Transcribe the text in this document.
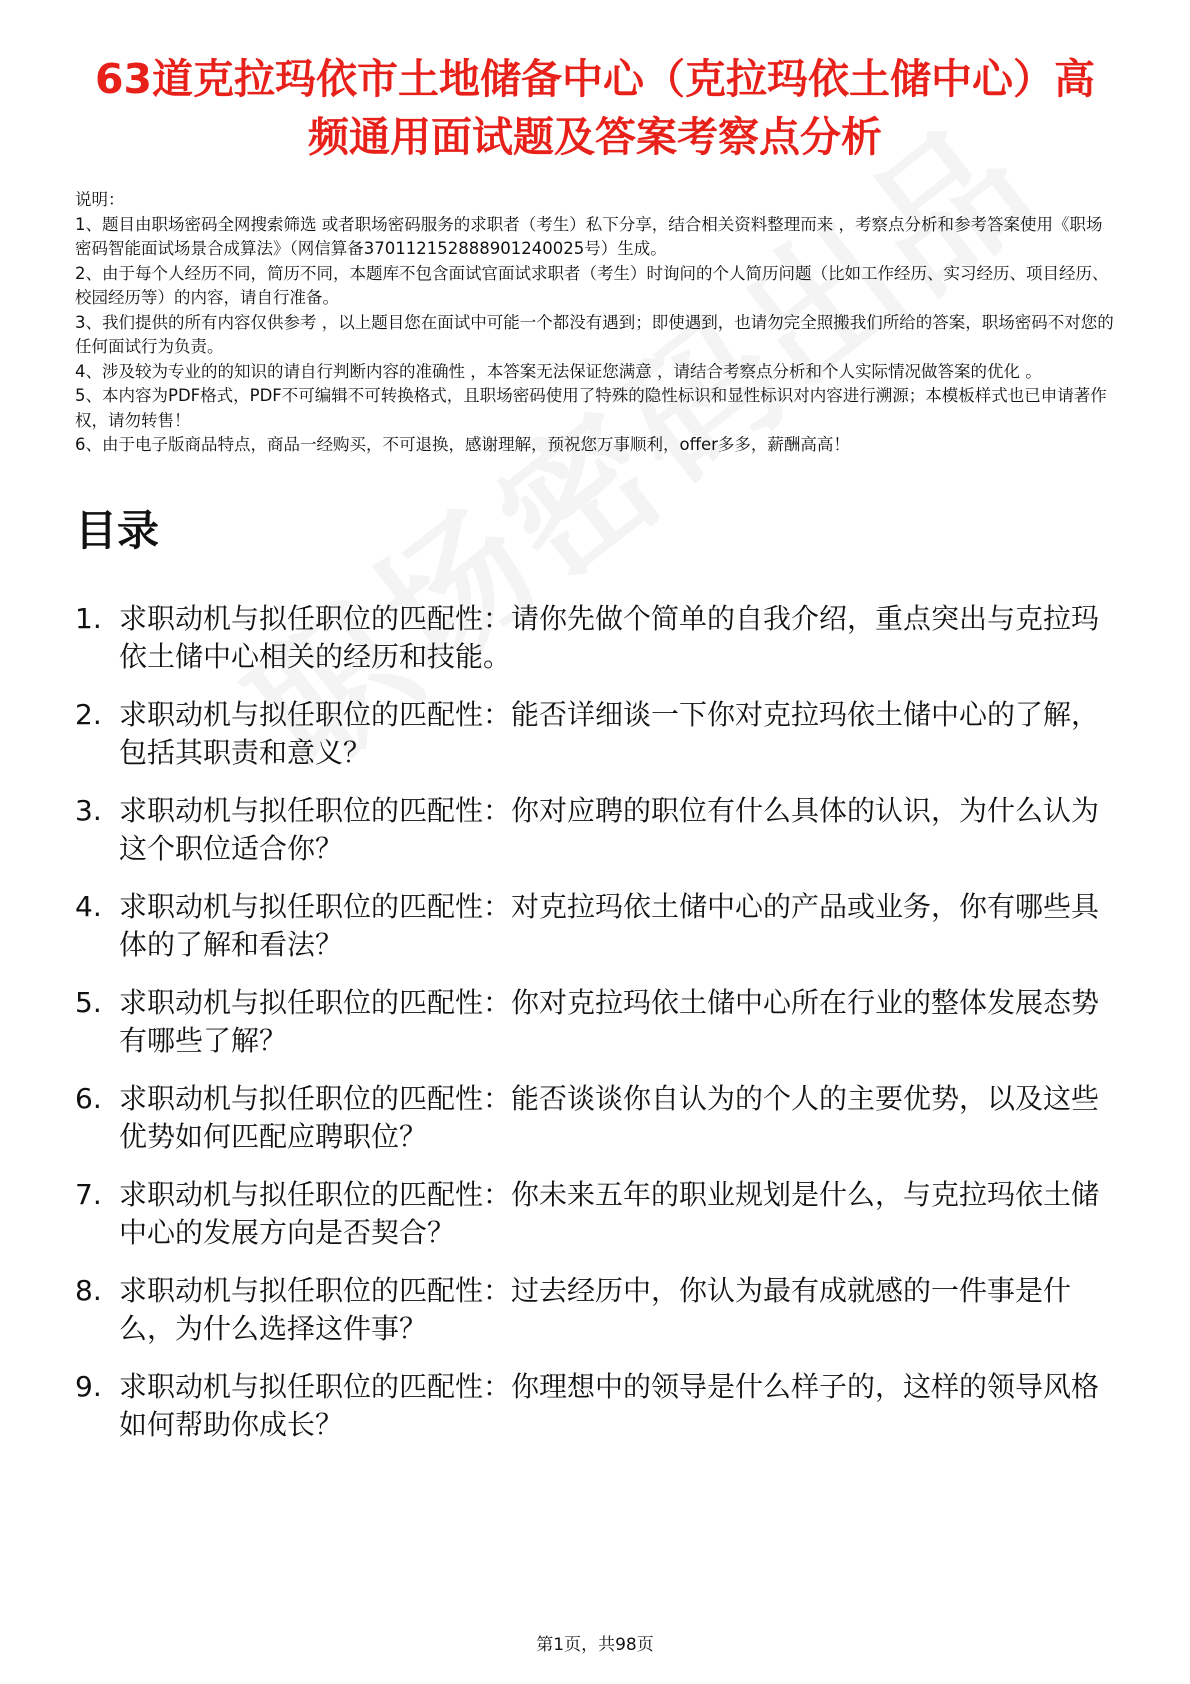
63道克拉玛依市土地储备中心（克拉玛依土储中心）高频通用面试题及答案考察点分析

说明：

1、题目由职场密码全网搜索筛选 或者职场密码服务的求职者（考生）私下分享，结合相关资料整理而来 ，考察点分析和参考答案使用《职场密码智能面试场景合成算法》（网信算备370112152888901240025号）生成。

2、由于每个人经历不同，简历不同，本题库不包含面试官面试求职者（考生）时询问的个人简历问题（比如工作经历、实习经历、项目经历、校园经历等）的内容，请自行准备。

3、我们提供的所有内容仅供参考 ，以上题目您在面试中可能一个都没有遇到；即使遇到，也请勿完全照搬我们所给的答案，职场密码不对您的任何面试行为负责。

4、涉及较为专业的的知识的请自行判断内容的准确性 ，本答案无法保证您满意 ，请结合考察点分析和个人实际情况做答案的优化 。

5、本内容为PDF格式，PDF不可编辑不可转换格式，且职场密码使用了特殊的隐性标识和显性标识对内容进行溯源；本模板样式也已申请著作权，请勿转售！

6、由于电子版商品特点，商品一经购买，不可退换，感谢理解，预祝您万事顺利，offer多多，薪酬高高！

目录
1. 求职动机与拟任职位的匹配性：请你先做个简单的自我介绍，重点突出与克拉玛依土储中心相关的经历和技能。
2. 求职动机与拟任职位的匹配性：能否详细谈一下你对克拉玛依土储中心的了解，包括其职责和意义？
3. 求职动机与拟任职位的匹配性：你对应聘的职位有什么具体的认识，为什么认为这个职位适合你？
4. 求职动机与拟任职位的匹配性：对克拉玛依土储中心的产品或业务，你有哪些具体的了解和看法？
5. 求职动机与拟任职位的匹配性：你对克拉玛依土储中心所在行业的整体发展态势有哪些了解？
6. 求职动机与拟任职位的匹配性：能否谈谈你自认为的个人的主要优势，以及这些优势如何匹配应聘职位？
7. 求职动机与拟任职位的匹配性：你未来五年的职业规划是什么，与克拉玛依土储中心的发展方向是否契合？
8. 求职动机与拟任职位的匹配性：过去经历中，你认为最有成就感的一件事是什么，为什么选择这件事？
9. 求职动机与拟任职位的匹配性：你理想中的领导是什么样子的，这样的领导风格如何帮助你成长？
第1页，共98页
